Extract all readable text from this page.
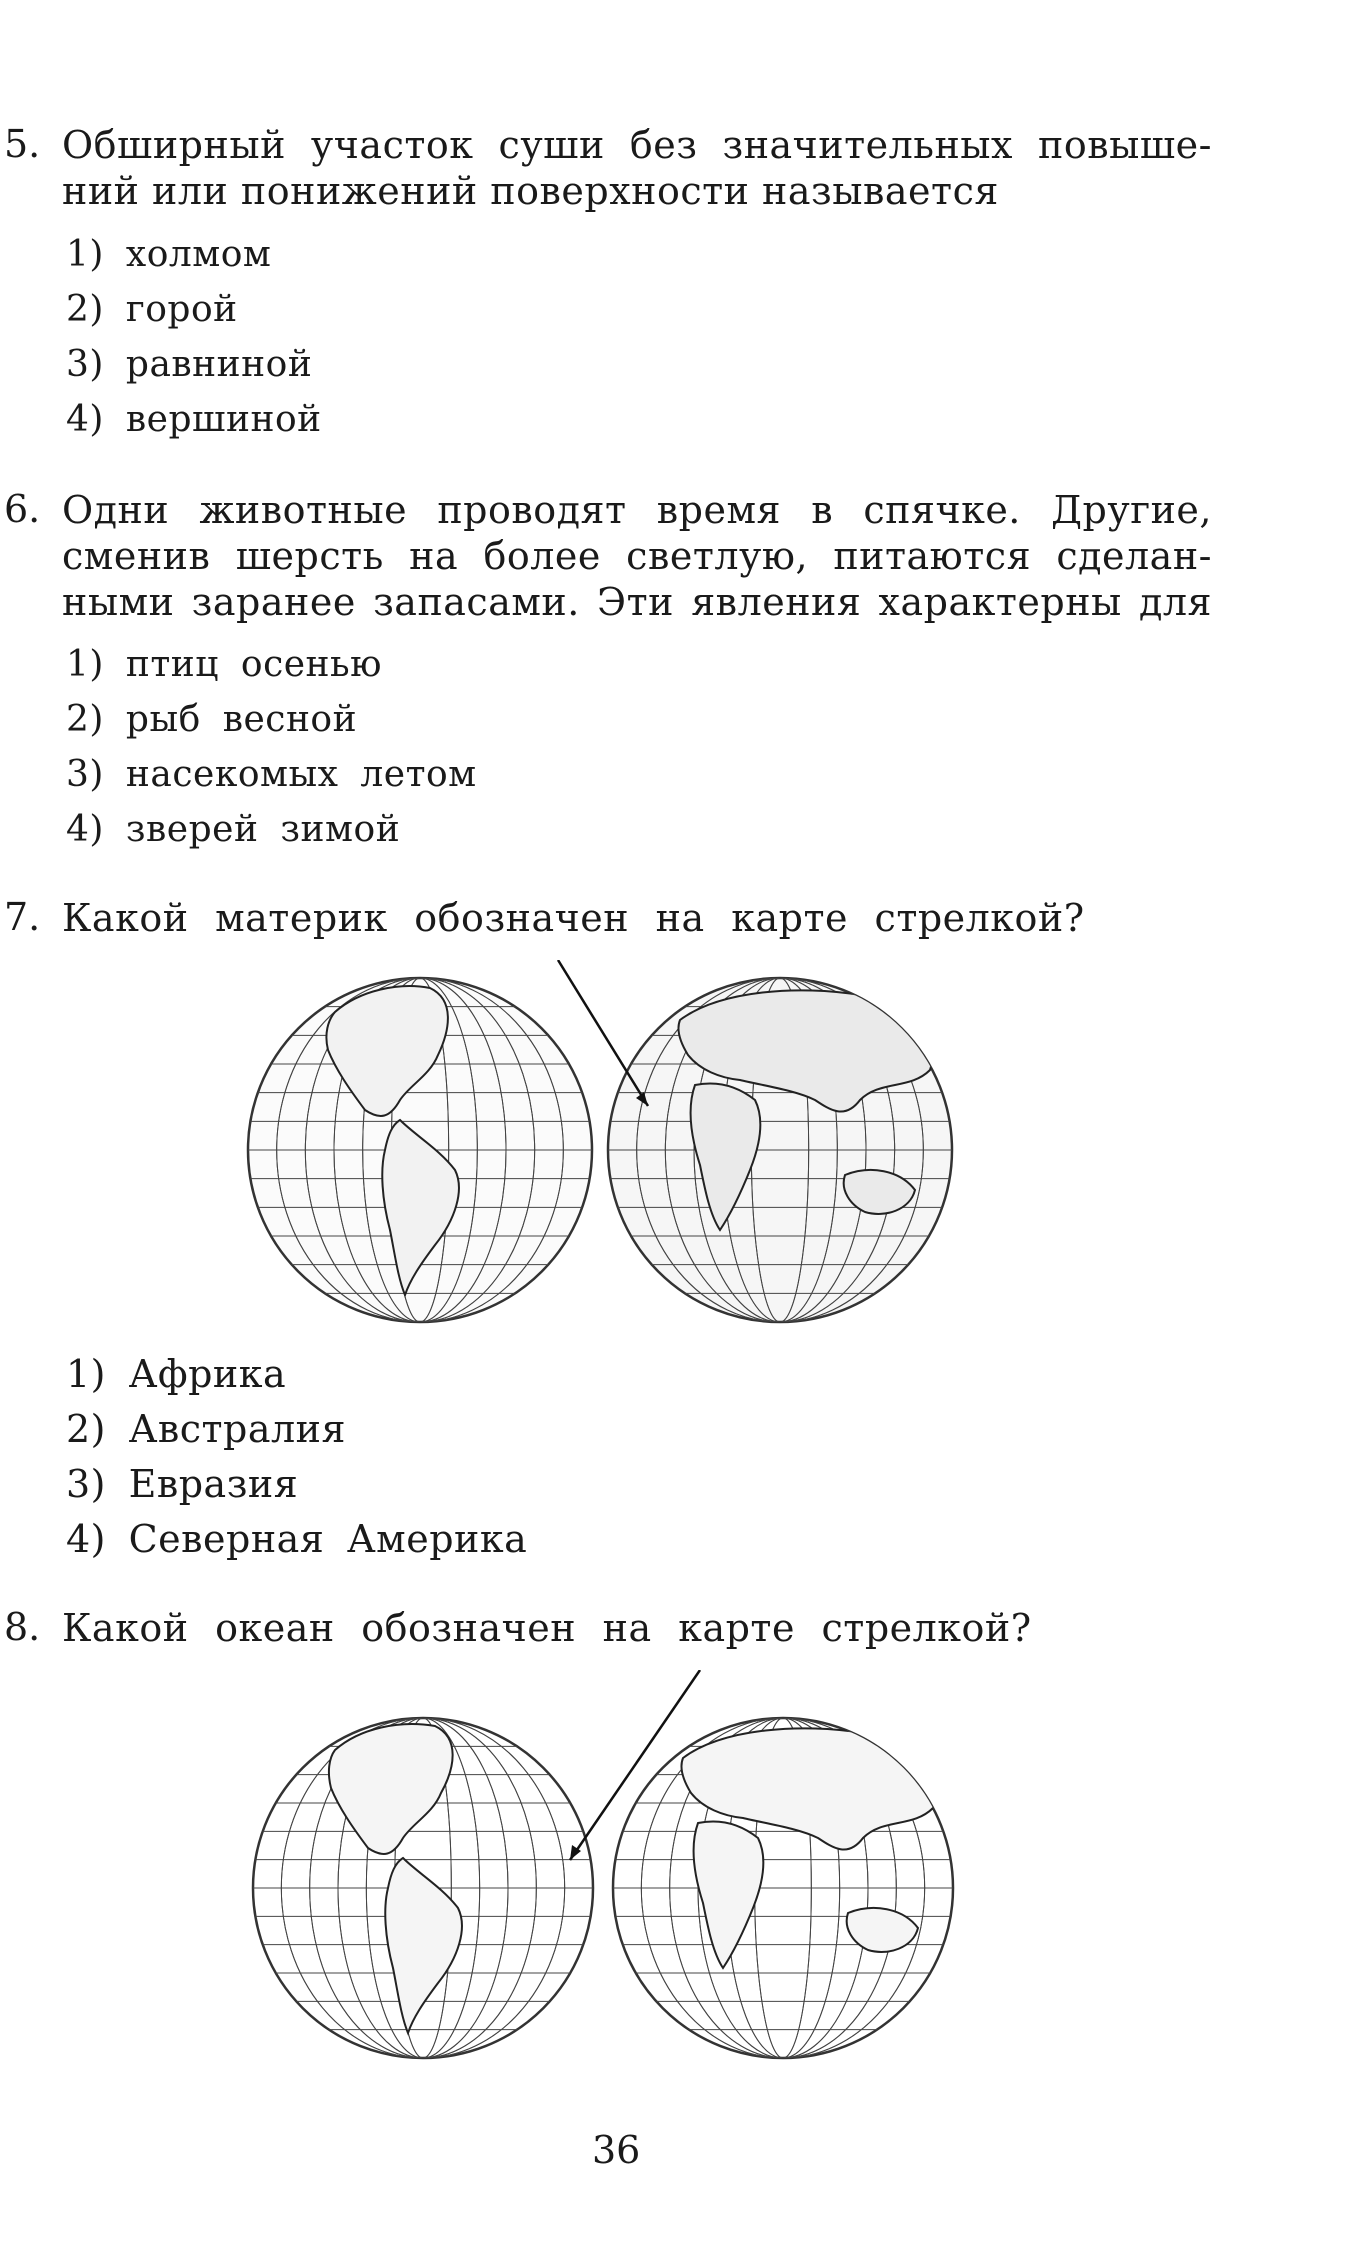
5. Обширный участок суши без значительных повыше-ний или понижений поверхности называется
1) холмом
2) горой
3) равниной
4) вершиной
6. Одни животные проводят время в спячке. Другие, сменив шерсть на более светлую, питаются сделан-ными заранее запасами. Эти явления характерны для
1) птиц осенью
2) рыб весной
3) насекомых летом
4) зверей зимой
7. Какой материк обозначен на карте стрелкой?
1) Африка
2) Австралия
3) Евразия
4) Северная Америка
8. Какой океан обозначен на карте стрелкой?
36
